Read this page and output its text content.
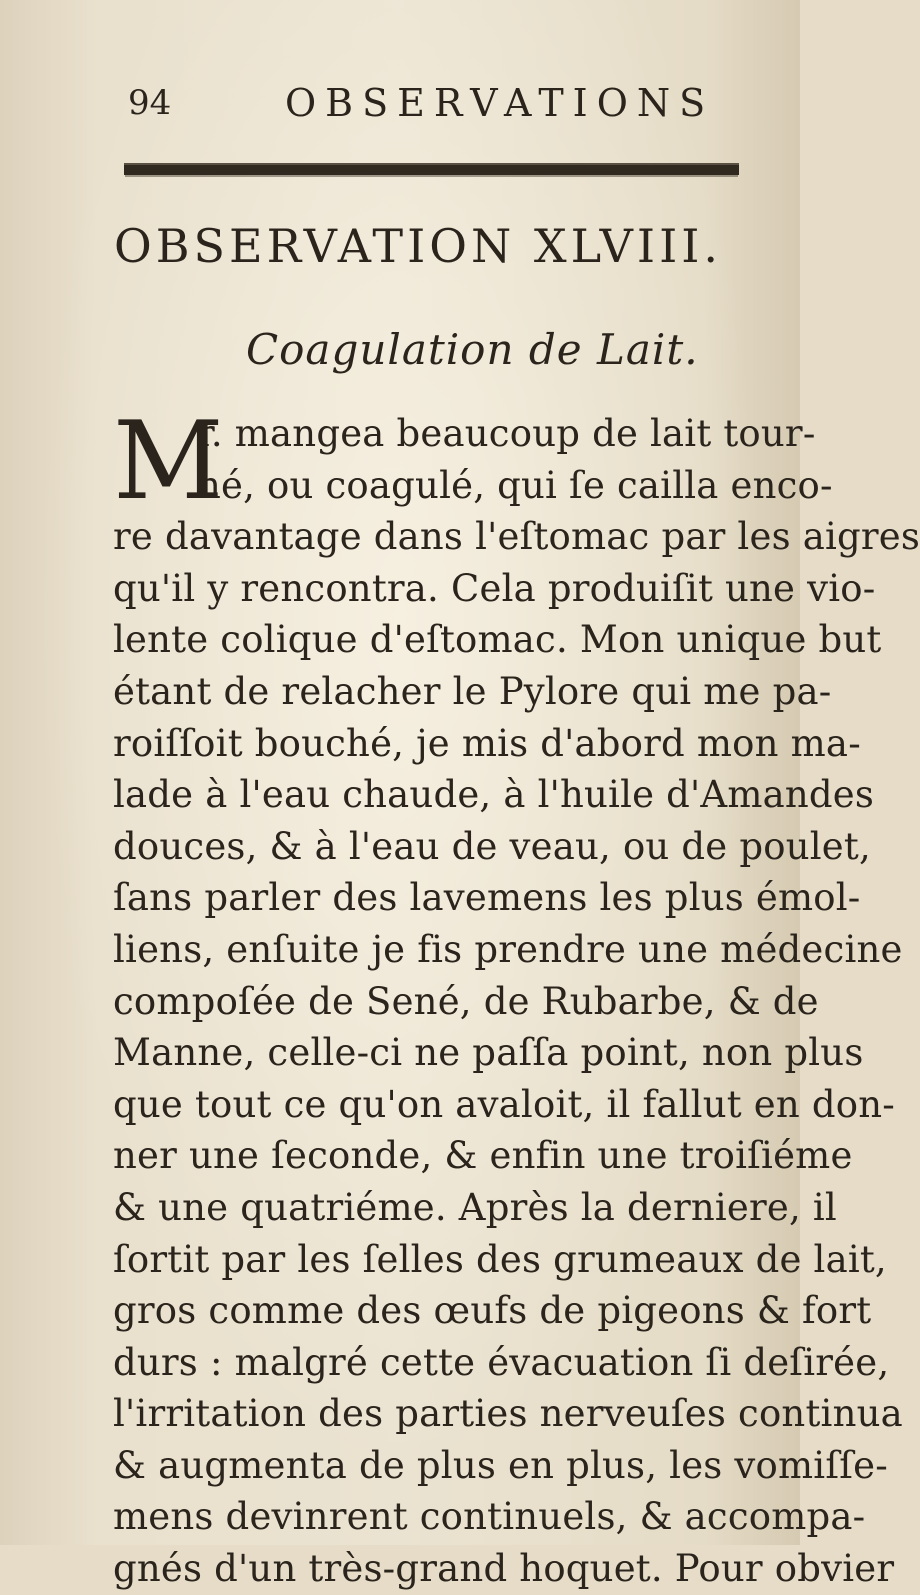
94	OBSERVATIONS
OBSERVATION XLVIII.
Coagulation de Lait.
M
r. mangea beaucoup de lait tour-
né, ou coagulé, qui ſe cailla enco-
re davantage dans l'eſtomac par les aigres
qu'il y rencontra. Cela produiſit une vio-
lente colique d'eſtomac. Mon unique but
étant de relacher le Pylore qui me pa-
roiſſoit bouché, je mis d'abord mon ma-
lade à l'eau chaude, à l'huile d'Amandes
douces, & à l'eau de veau, ou de poulet,
ſans parler des lavemens les plus émol-
liens, enſuite je fis prendre une médecine
compoſée de Sené, de Rubarbe, & de
Manne, celle-ci ne paſſa point, non plus
que tout ce qu'on avaloit, il fallut en don-
ner une ſeconde, & enfin une troiſiéme
& une quatriéme. Après la derniere, il
ſortit par les ſelles des grumeaux de lait,
gros comme des œufs de pigeons & fort
durs : malgré cette évacuation ſi deſirée,
l'irritation des parties nerveuſes continua
& augmenta de plus en plus, les vomiſſe-
mens devinrent continuels, & accompa-
gnés d'un très-grand hoquet. Pour obvier
